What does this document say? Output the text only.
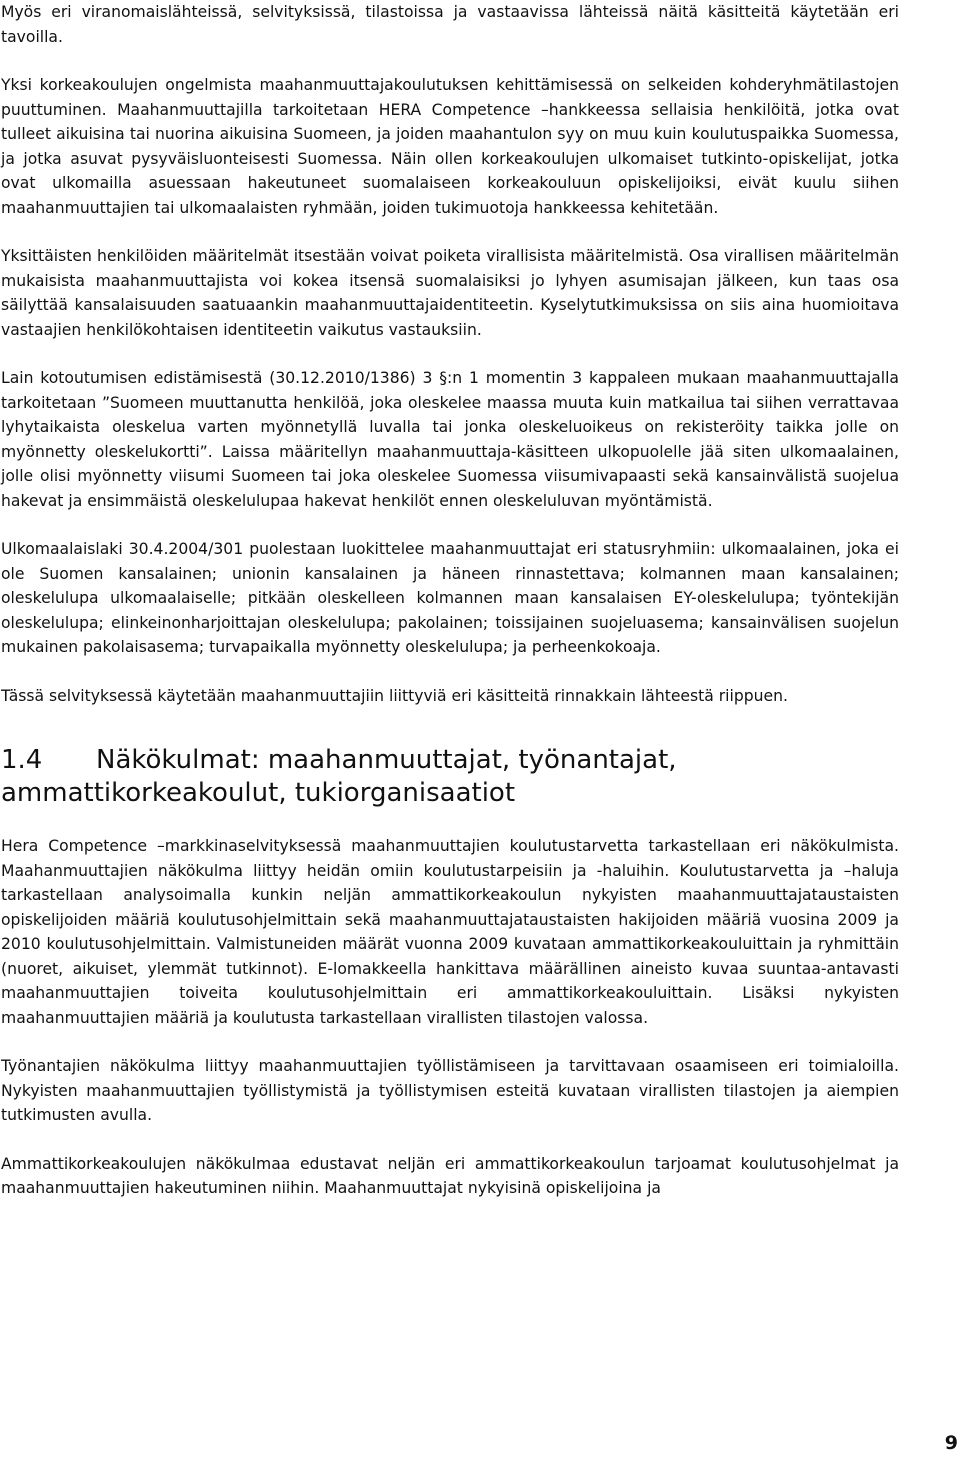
Myös eri viranomaislähteissä, selvityksissä, tilastoissa ja vastaavissa lähteissä näitä käsitteitä käytetään eri tavoilla.

Yksi korkeakoulujen ongelmista maahanmuuttajakoulutuksen kehittämisessä on selkeiden kohderyhmätilastojen puuttuminen. Maahanmuuttajilla tarkoitetaan HERA Competence –hankkeessa sellaisia henkilöitä, jotka ovat tulleet aikuisina tai nuorina aikuisina Suomeen, ja joiden maahantulon syy on muu kuin koulutuspaikka Suomessa, ja jotka asuvat pysyväisluonteisesti Suomessa. Näin ollen korkeakoulujen ulkomaiset tutkinto-opiskelijat, jotka ovat ulkomailla asuessaan hakeutuneet suomalaiseen korkeakouluun opiskelijoiksi, eivät kuulu siihen maahanmuuttajien tai ulkomaalaisten ryhmään, joiden tukimuotoja hankkeessa kehitetään.

Yksittäisten henkilöiden määritelmät itsestään voivat poiketa virallisista määritelmistä. Osa virallisen määritelmän mukaisista maahanmuuttajista voi kokea itsensä suomalaisiksi jo lyhyen asumisajan jälkeen, kun taas osa säilyttää kansalaisuuden saatuaankin maahanmuuttajaidentiteetin. Kyselytutkimuksissa on siis aina huomioitava vastaajien henkilökohtaisen identiteetin vaikutus vastauksiin.

Lain kotoutumisen edistämisestä (30.12.2010/1386) 3 §:n 1 momentin 3 kappaleen mukaan maahanmuuttajalla tarkoitetaan ”Suomeen muuttanutta henkilöä, joka oleskelee maassa muuta kuin matkailua tai siihen verrattavaa lyhytaikaista oleskelua varten myönnetyllä luvalla tai jonka oleskeluoikeus on rekisteröity taikka jolle on myönnetty oleskelukortti”. Laissa määritellyn maahanmuuttaja-käsitteen ulkopuolelle jää siten ulkomaalainen, jolle olisi myönnetty viisumi Suomeen tai joka oleskelee Suomessa viisumivapaasti sekä kansainvälistä suojelua hakevat ja ensimmäistä oleskelulupaa hakevat henkilöt ennen oleskeluluvan myöntämistä.

Ulkomaalaislaki 30.4.2004/301 puolestaan luokittelee maahanmuuttajat eri statusryhmiin: ulkomaalainen, joka ei ole Suomen kansalainen; unionin kansalainen ja häneen rinnastettava; kolmannen maan kansalainen; oleskelulupa ulkomaalaiselle; pitkään oleskelleen kolmannen maan kansalaisen EY-oleskelulupa; työntekijän oleskelulupa; elinkeinonharjoittajan oleskelulupa; pakolainen; toissijainen suojeluasema; kansainvälisen suojelun mukainen pakolaisasema; turvapaikalla myönnetty oleskelulupa; ja perheenkokoaja.

Tässä selvityksessä käytetään maahanmuuttajiin liittyviä eri käsitteitä rinnakkain lähteestä riippuen.

1.4	Näkökulmat: maahanmuuttajat, työnantajat,
ammattikorkeakoulut, tukiorganisaatiot

Hera Competence –markkinaselvityksessä maahanmuuttajien koulutustarvetta tarkastellaan eri näkökulmista. Maahanmuuttajien näkökulma liittyy heidän omiin koulutustarpeisiin ja -haluihin. Koulutustarvetta ja –haluja tarkastellaan analysoimalla kunkin neljän ammattikorkeakoulun nykyisten maahanmuuttajataustaisten opiskelijoiden määriä koulutusohjelmittain sekä maahanmuuttajataustaisten hakijoiden määriä vuosina 2009 ja 2010 koulutusohjelmittain. Valmistuneiden määrät vuonna 2009 kuvataan ammattikorkeakouluittain ja ryhmittäin (nuoret, aikuiset, ylemmät tutkinnot). E-lomakkeella hankittava määrällinen aineisto kuvaa suuntaa-antavasti maahanmuuttajien toiveita koulutusohjelmittain eri ammattikorkeakouluittain. Lisäksi nykyisten maahanmuuttajien määriä ja koulutusta tarkastellaan virallisten tilastojen valossa.

Työnantajien näkökulma liittyy maahanmuuttajien työllistämiseen ja tarvittavaan osaamiseen eri toimialoilla. Nykyisten maahanmuuttajien työllistymistä ja työllistymisen esteitä kuvataan virallisten tilastojen ja aiempien tutkimusten avulla.

Ammattikorkeakoulujen näkökulmaa edustavat neljän eri ammattikorkeakoulun tarjoamat koulutusohjelmat ja maahanmuuttajien hakeutuminen niihin. Maahanmuuttajat nykyisinä opiskelijoina ja

9
